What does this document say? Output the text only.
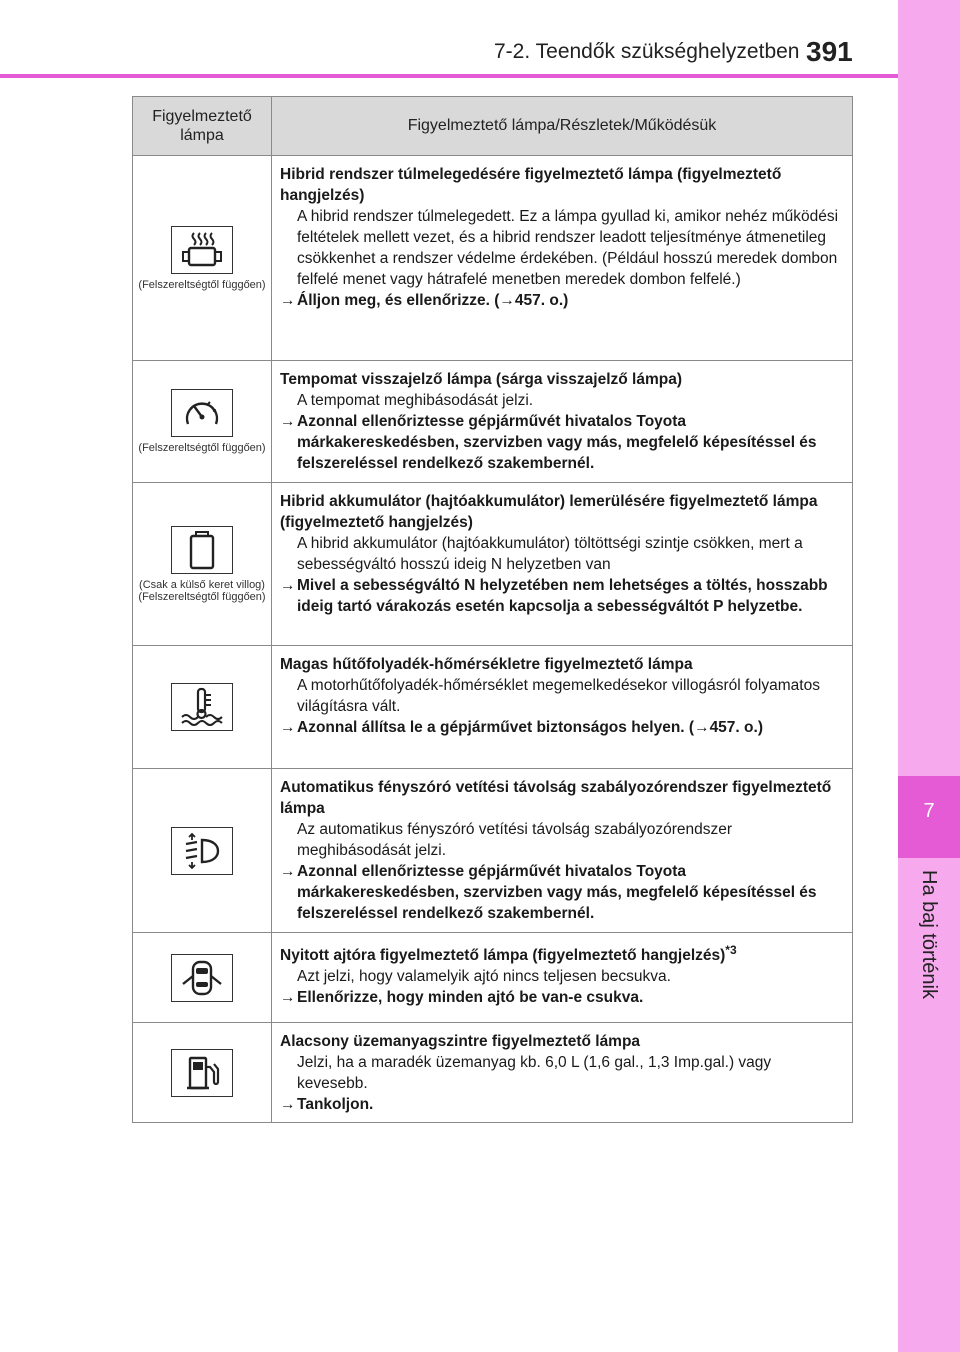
7-2. Teendők szükséghelyzetben 391
7
Ha baj történik
Figyelmeztető lámpa
Figyelmeztető lámpa/Részletek/Működésük
(Felszereltségtől függően)
Hibrid rendszer túlmelegedésére figyelmeztető lámpa (figyelmeztető hangjelzés)
A hibrid rendszer túlmelegedett. Ez a lámpa gyullad ki, amikor nehéz működési feltételek mellett vezet, és a hibrid rendszer leadott teljesítménye átmenetileg csökkenhet a rendszer védelme érdekében. (Például hosszú meredek dombon felfelé menet vagy hátrafelé menetben meredek dombon felfelé.)
→ Álljon meg, és ellenőrizze. (→457. o.)
(Felszereltségtől függően)
Tempomat visszajelző lámpa (sárga visszajelző lámpa)
A tempomat meghibásodását jelzi.
→ Azonnal ellenőriztesse gépjárművét hivatalos Toyota márkakereskedésben, szervizben vagy más, megfelelő képesítéssel és felszereléssel rendelkező szakembernél.
(Csak a külső keret villog) (Felszereltségtől függően)
Hibrid akkumulátor (hajtóakkumulátor) lemerülésére figyelmeztető lámpa (figyelmeztető hangjelzés)
A hibrid akkumulátor (hajtóakkumulátor) töltöttségi szintje csökken, mert a sebességváltó hosszú ideig N helyzetben van
→ Mivel a sebességváltó N helyzetében nem lehetséges a töltés, hosszabb ideig tartó várakozás esetén kapcsolja a sebességváltót P helyzetbe.
Magas hűtőfolyadék-hőmérsékletre figyelmeztető lámpa
A motorhűtőfolyadék-hőmérséklet megemelkedésekor villogásról folyamatos világításra vált.
→ Azonnal állítsa le a gépjárművet biztonságos helyen. (→457. o.)
Automatikus fényszóró vetítési távolság szabályozórendszer figyelmeztető lámpa
Az automatikus fényszóró vetítési távolság szabályozórendszer meghibásodását jelzi.
→ Azonnal ellenőriztesse gépjárművét hivatalos Toyota márkakereskedésben, szervizben vagy más, megfelelő képesítéssel és felszereléssel rendelkező szakembernél.
Nyitott ajtóra figyelmeztető lámpa (figyelmeztető hangjelzés)$^{*3}$
Azt jelzi, hogy valamelyik ajtó nincs teljesen becsukva.
→ Ellenőrizze, hogy minden ajtó be van-e csukva.
Alacsony üzemanyagszintre figyelmeztető lámpa
Jelzi, ha a maradék üzemanyag kb. 6,0 L (1,6 gal., 1,3 Imp.gal.) vagy kevesebb.
→ Tankoljon.
